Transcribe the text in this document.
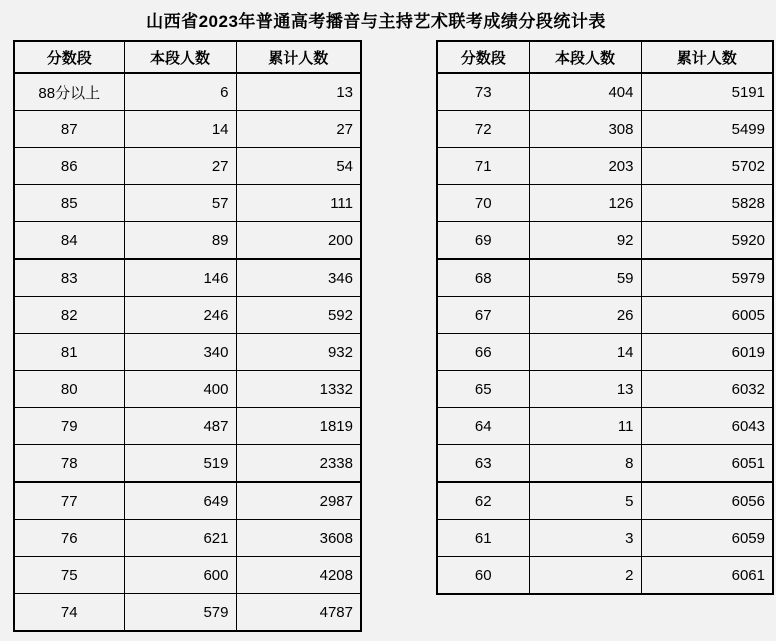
山西省2023年普通高考播音与主持艺术联考成绩分段统计表
分数段	本段人数	累计人数
88分以上	6	13
87	14	27
86	27	54
85	57	111
84	89	200
83	146	346
82	246	592
81	340	932
80	400	1332
79	487	1819
78	519	2338
77	649	2987
76	621	3608
75	600	4208
74	579	4787
分数段	本段人数	累计人数
73	404	5191
72	308	5499
71	203	5702
70	126	5828
69	92	5920
68	59	5979
67	26	6005
66	14	6019
65	13	6032
64	11	6043
63	8	6051
62	5	6056
61	3	6059
60	2	6061
